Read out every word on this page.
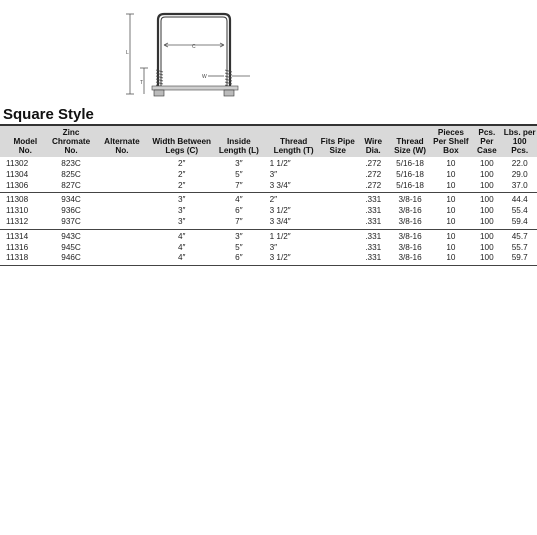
L
T
C
W
Square Style
Model No.	Zinc Chromate No.	Alternate No.	Width Between Legs (C)	Inside Length (L)	Thread Length (T)	Fits Pipe Size	Wire Dia.	Thread Size (W)	Pieces Per Shelf Box	Pcs. Per Case	Lbs. per 100 Pcs.
11302	823C		2″	3″	1 1/2″		.272	5/16-18	10	100	22.0
11304	825C		2″	5″	3″		.272	5/16-18	10	100	29.0
11306	827C		2″	7″	3 3/4″		.272	5/16-18	10	100	37.0
11308	934C		3″	4″	2″		.331	3/8-16	10	100	44.4
11310	936C		3″	6″	3 1/2″		.331	3/8-16	10	100	55.4
11312	937C		3″	7″	3 3/4″		.331	3/8-16	10	100	59.4
11314	943C		4″	3″	1 1/2″		.331	3/8-16	10	100	45.7
11316	945C		4″	5″	3″		.331	3/8-16	10	100	55.7
11318	946C		4″	6″	3 1/2″		.331	3/8-16	10	100	59.7
